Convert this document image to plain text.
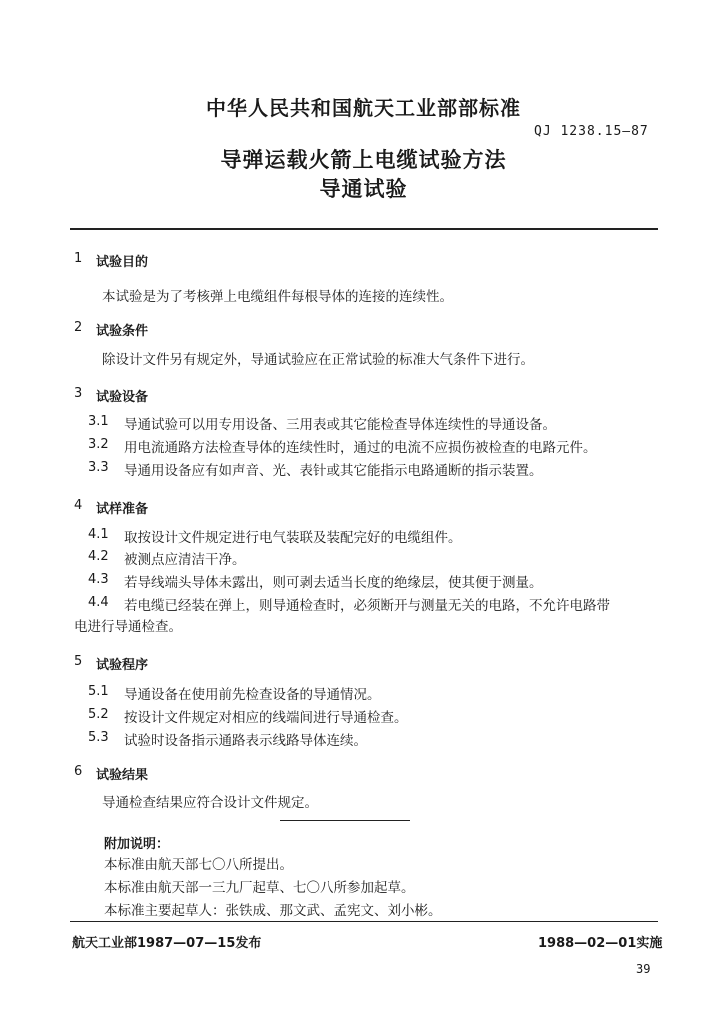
中华人民共和国航天工业部部标准
QJ 1238.15—87
导弹运载火箭上电缆试验方法
导通试验
1 试验目的
本试验是为了考核弹上电缆组件每根导体的连接的连续性。
2 试验条件
除设计文件另有规定外，导通试验应在正常试验的标准大气条件下进行。
3 试验设备
3.1 导通试验可以用专用设备、三用表或其它能检查导体连续性的导通设备。
3.2 用电流通路方法检查导体的连续性时，通过的电流不应损伤被检查的电路元件。
3.3 导通用设备应有如声音、光、表针或其它能指示电路通断的指示装置。
4 试样准备
4.1 取按设计文件规定进行电气装联及装配完好的电缆组件。
4.2 被测点应清洁干净。
4.3 若导线端头导体未露出，则可剥去适当长度的绝缘层，使其便于测量。
4.4 若电缆已经装在弹上，则导通检查时，必须断开与测量无关的电路，不允许电路带
电进行导通检查。
5 试验程序
5.1 导通设备在使用前先检查设备的导通情况。
5.2 按设计文件规定对相应的线端间进行导通检查。
5.3 试验时设备指示通路表示线路导体连续。
6 试验结果
导通检查结果应符合设计文件规定。
附加说明：
本标准由航天部七〇八所提出。
本标准由航天部一三九厂起草、七〇八所参加起草。
本标准主要起草人：张铁成、那文武、孟宪文、刘小彬。
航天工业部1987—07—15发布	1988—02—01实施
39
